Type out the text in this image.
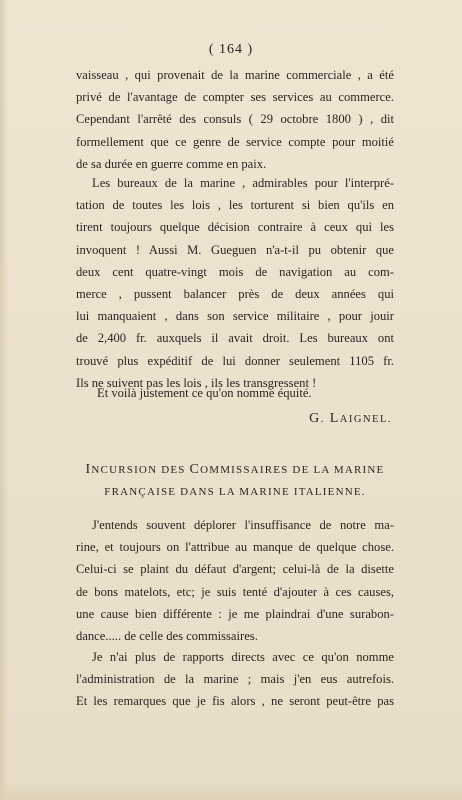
( 164 )
vaisseau , qui provenait de la marine commerciale , a été
privé de l'avantage de compter ses services au commerce.
Cependant l'arrêté des consuls ( 29 octobre 1800 ) , dit
formellement que ce genre de service compte pour moitié
de sa durée en guerre comme en paix.
Les bureaux de la marine , admirables pour l'interpré-
tation de toutes les lois , les torturent si bien qu'ils en
tirent toujours quelque décision contraire à ceux qui les
invoquent ! Aussi M. Gueguen n'a-t-il pu obtenir que
deux cent quatre-vingt mois de navigation au com-
merce , pussent balancer près de deux années qui
lui manquaient , dans son service militaire , pour jouir
de 2,400 fr. auxquels il avait droit. Les bureaux ont
trouvé plus expéditif de lui donner seulement 1105 fr.
Ils ne suivent pas les lois , ils les transgressent !
Et voilà justement ce qu'on nomme équité.
G. LAIGNEL.
INCURSION DES COMMISSAIRES DE LA MARINE
FRANÇAISE DANS LA MARINE ITALIENNE.
J'entends souvent déplorer l'insuffisance de notre ma-
rine, et toujours on l'attribue au manque de quelque chose.
Celui-ci se plaint du défaut d'argent; celui-là de la disette
de bons matelots, etc; je suis tenté d'ajouter à ces causes,
une cause bien différente : je me plaindrai d'une surabon-
dance..... de celle des commissaires.
Je n'ai plus de rapports directs avec ce qu'on nomme
l'administration de la marine ; mais j'en eus autrefois.
Et les remarques que je fis alors , ne seront peut-être pas
